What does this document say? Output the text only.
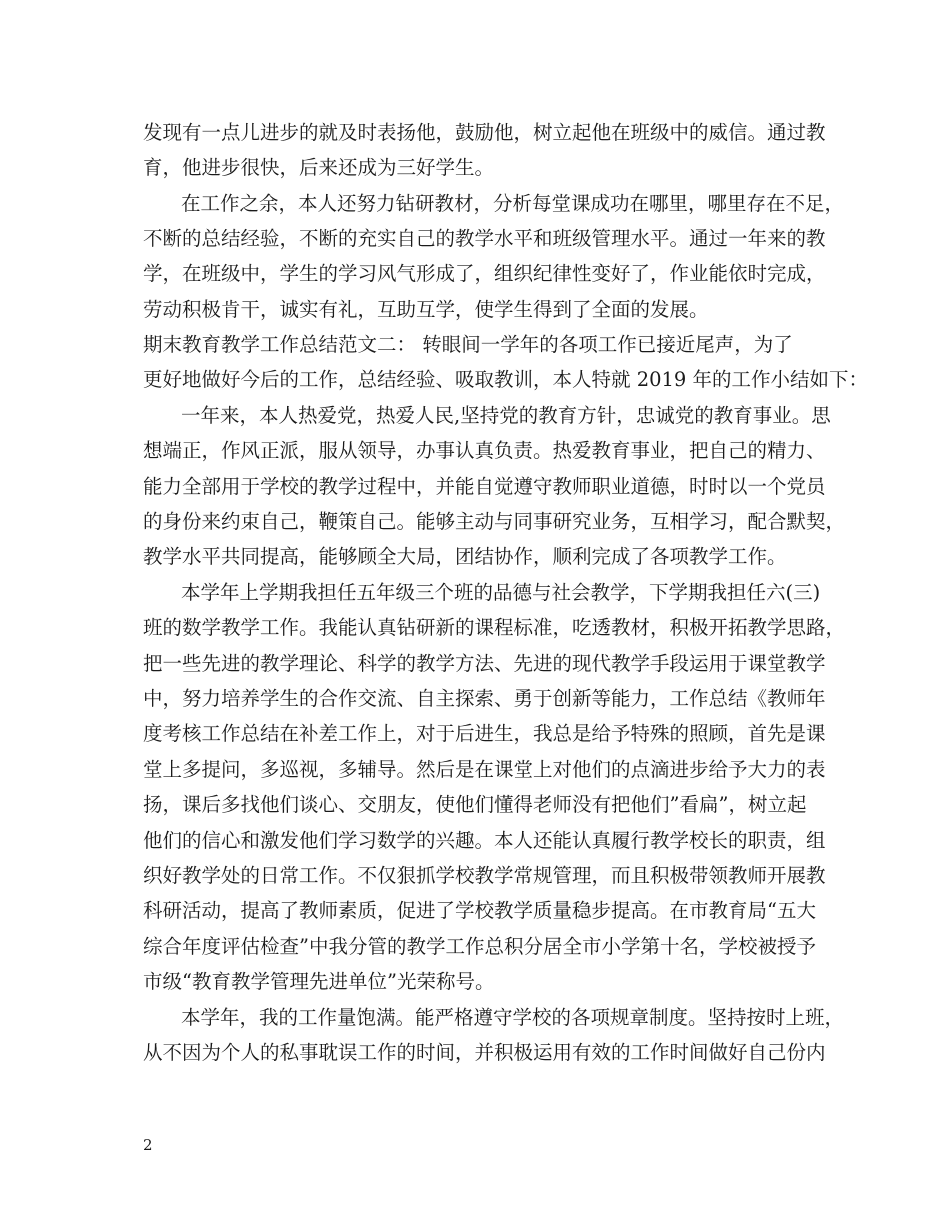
发现有一点儿进步的就及时表扬他，鼓励他，树立起他在班级中的威信。通过教
育，他进步很快，后来还成为三好学生。
在工作之余，本人还努力钻研教材，分析每堂课成功在哪里，哪里存在不足，
不断的总结经验，不断的充实自己的教学水平和班级管理水平。通过一年来的教
学，在班级中，学生的学习风气形成了，组织纪律性变好了，作业能依时完成，
劳动积极肯干，诚实有礼，互助互学，使学生得到了全面的发展。
期末教育教学工作总结范文二： 转眼间一学年的各项工作已接近尾声，为了
更好地做好今后的工作，总结经验、吸取教训，本人特就 2019 年的工作小结如下：
一年来，本人热爱党，热爱人民,坚持党的教育方针，忠诚党的教育事业。思
想端正，作风正派，服从领导，办事认真负责。热爱教育事业，把自己的精力、
能力全部用于学校的教学过程中，并能自觉遵守教师职业道德，时时以一个党员
的身份来约束自己，鞭策自己。能够主动与同事研究业务，互相学习，配合默契，
教学水平共同提高，能够顾全大局，团结协作，顺利完成了各项教学工作。
本学年上学期我担任五年级三个班的品德与社会教学，下学期我担任六(三)
班的数学教学工作。我能认真钻研新的课程标准，吃透教材，积极开拓教学思路，
把一些先进的教学理论、科学的教学方法、先进的现代教学手段运用于课堂教学
中，努力培养学生的合作交流、自主探索、勇于创新等能力，工作总结《教师年
度考核工作总结在补差工作上，对于后进生，我总是给予特殊的照顾，首先是课
堂上多提问，多巡视，多辅导。然后是在课堂上对他们的点滴进步给予大力的表
扬，课后多找他们谈心、交朋友，使他们懂得老师没有把他们”看扁”，树立起
他们的信心和激发他们学习数学的兴趣。本人还能认真履行教学校长的职责，组
织好教学处的日常工作。不仅狠抓学校教学常规管理，而且积极带领教师开展教
科研活动，提高了教师素质，促进了学校教学质量稳步提高。在市教育局“五大
综合年度评估检查”中我分管的教学工作总积分居全市小学第十名，学校被授予
市级“教育教学管理先进单位”光荣称号。
本学年，我的工作量饱满。能严格遵守学校的各项规章制度。坚持按时上班，
从不因为个人的私事耽误工作的时间，并积极运用有效的工作时间做好自己份内
2
